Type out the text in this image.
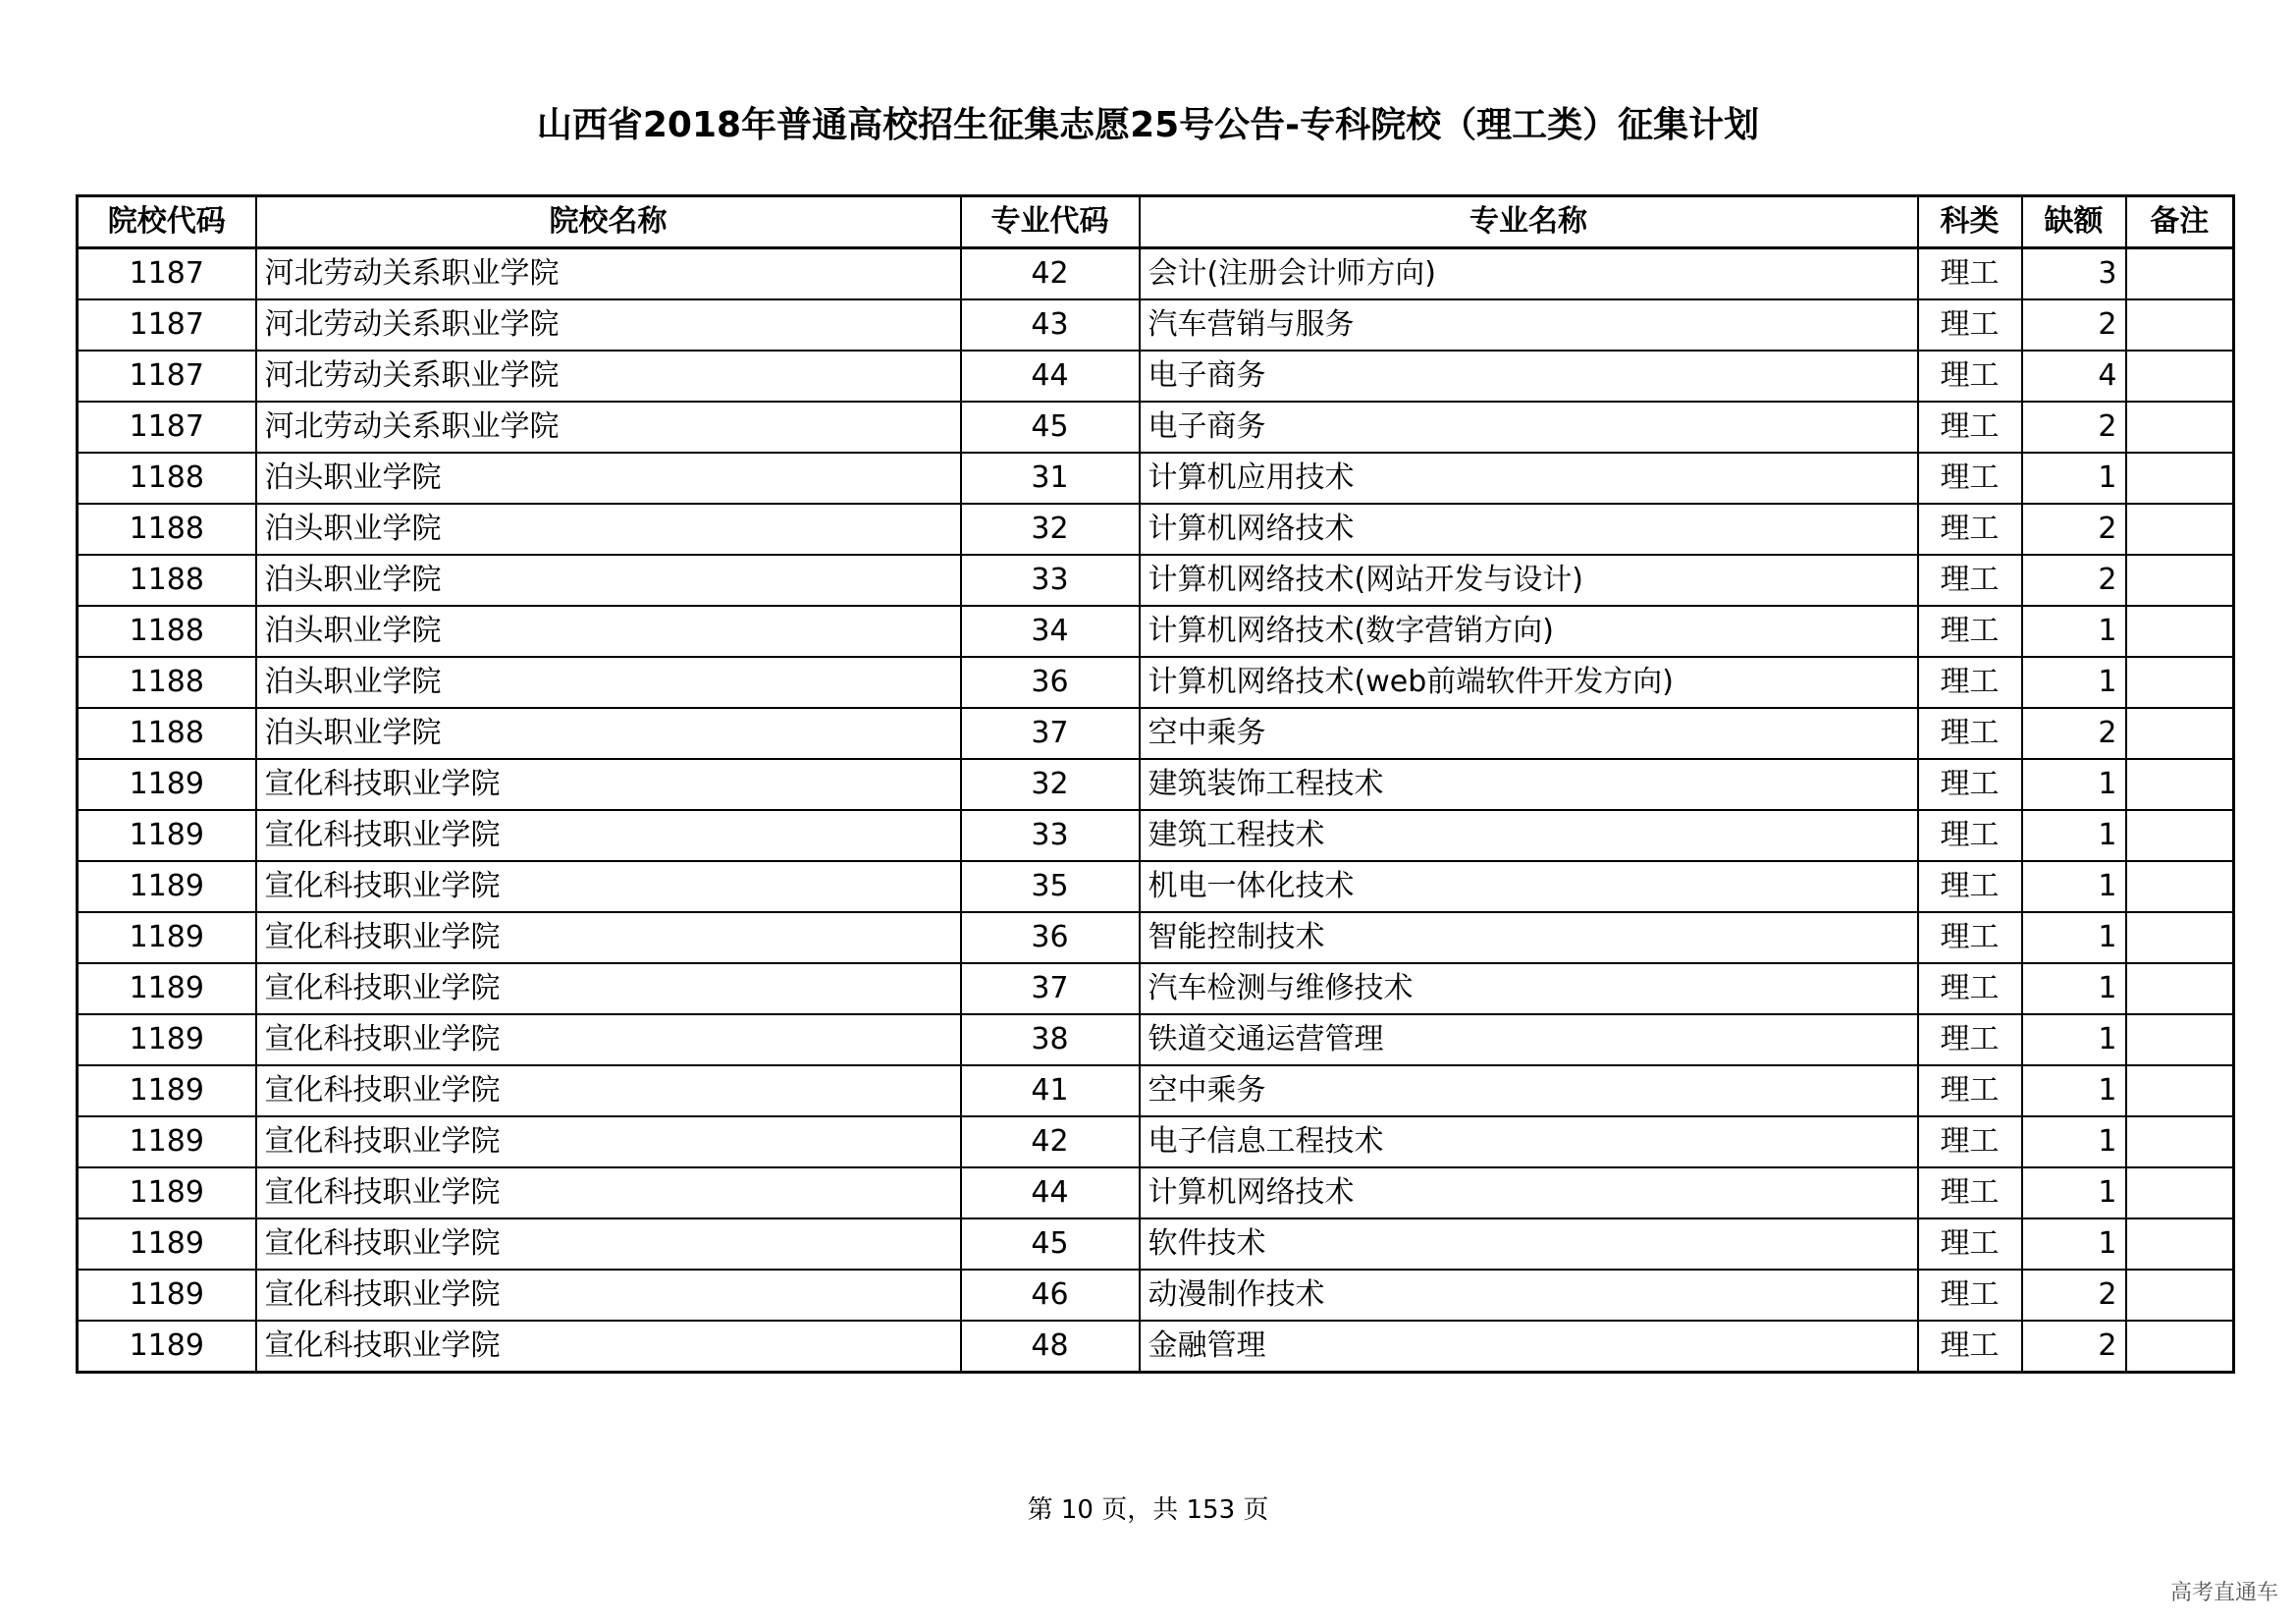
山西省2018年普通高校招生征集志愿25号公告-专科院校（理工类）征集计划
院校代码	院校名称	专业代码	专业名称	科类	缺额	备注
1187	河北劳动关系职业学院	42	会计(注册会计师方向)	理工	3	
1187	河北劳动关系职业学院	43	汽车营销与服务	理工	2	
1187	河北劳动关系职业学院	44	电子商务	理工	4	
1187	河北劳动关系职业学院	45	电子商务	理工	2	
1188	泊头职业学院	31	计算机应用技术	理工	1	
1188	泊头职业学院	32	计算机网络技术	理工	2	
1188	泊头职业学院	33	计算机网络技术(网站开发与设计)	理工	2	
1188	泊头职业学院	34	计算机网络技术(数字营销方向)	理工	1	
1188	泊头职业学院	36	计算机网络技术(web前端软件开发方向)	理工	1	
1188	泊头职业学院	37	空中乘务	理工	2	
1189	宣化科技职业学院	32	建筑装饰工程技术	理工	1	
1189	宣化科技职业学院	33	建筑工程技术	理工	1	
1189	宣化科技职业学院	35	机电一体化技术	理工	1	
1189	宣化科技职业学院	36	智能控制技术	理工	1	
1189	宣化科技职业学院	37	汽车检测与维修技术	理工	1	
1189	宣化科技职业学院	38	铁道交通运营管理	理工	1	
1189	宣化科技职业学院	41	空中乘务	理工	1	
1189	宣化科技职业学院	42	电子信息工程技术	理工	1	
1189	宣化科技职业学院	44	计算机网络技术	理工	1	
1189	宣化科技职业学院	45	软件技术	理工	1	
1189	宣化科技职业学院	46	动漫制作技术	理工	2	
1189	宣化科技职业学院	48	金融管理	理工	2	
第 10 页，共 153 页
高考直通车
